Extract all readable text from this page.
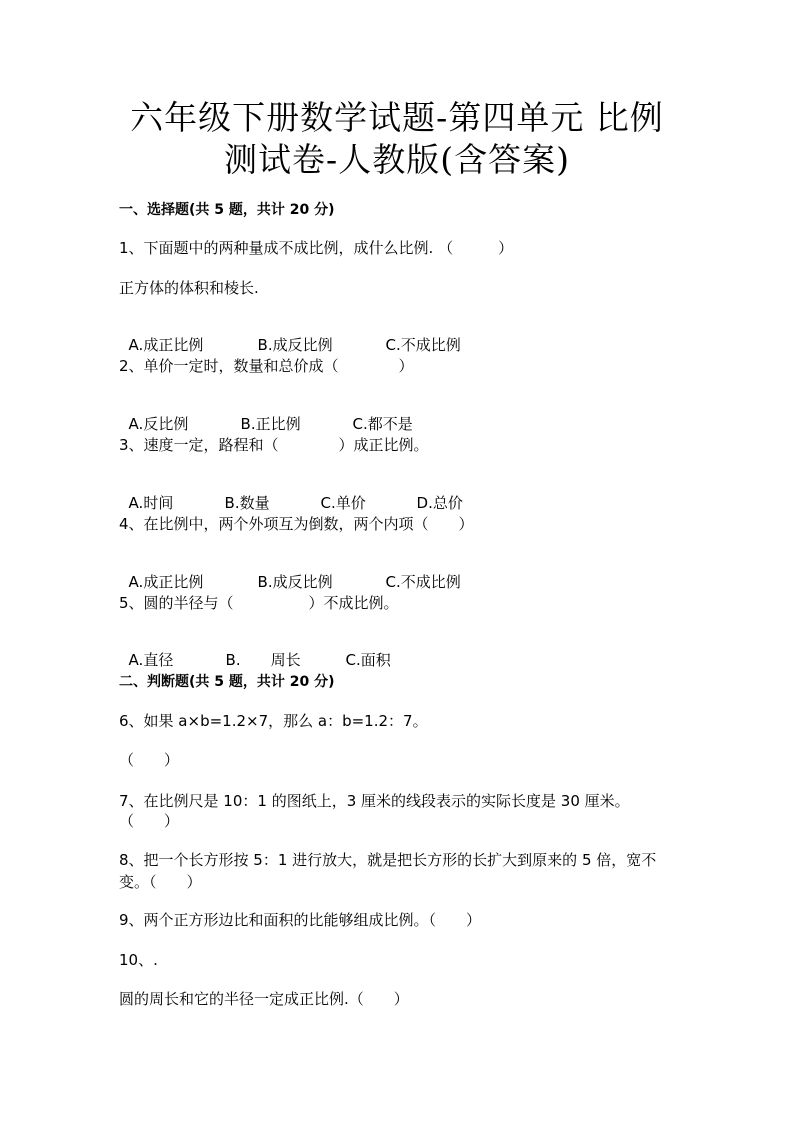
六年级下册数学试题-第四单元 比例
测试卷-人教版(含答案)
一、选择题(共 5 题，共计 20 分)
1、下面题中的两种量成不成比例，成什么比例. （　　　）
正方体的体积和棱长.

A.成正比例	B.成反比例	C.不成比例

2、单价一定时，数量和总价成（　　　　）

A.反比例	B.正比例	C.都不是

3、速度一定，路程和（　　　　）成正比例。

A.时间	B.数量	C.单价	D.总价

4、在比例中，两个外项互为倒数，两个内项（　　）

A.成正比例	B.成反比例	C.不成比例

5、圆的半径与（　　　　　）不成比例。

A.直径	B.　　周长	C.面积

二、判断题(共 5 题，共计 20 分)
6、如果 a×b=1.2×7，那么 a：b=1.2：7。
（　　）
7、在比例尺是 10：1 的图纸上，3 厘米的线段表示的实际长度是 30 厘米。
（　　）
8、把一个长方形按 5：1 进行放大，就是把长方形的长扩大到原来的 5 倍，宽不变。（　　）
9、两个正方形边比和面积的比能够组成比例。（　　）
10、.
圆的周长和它的半径一定成正比例.（　　）
